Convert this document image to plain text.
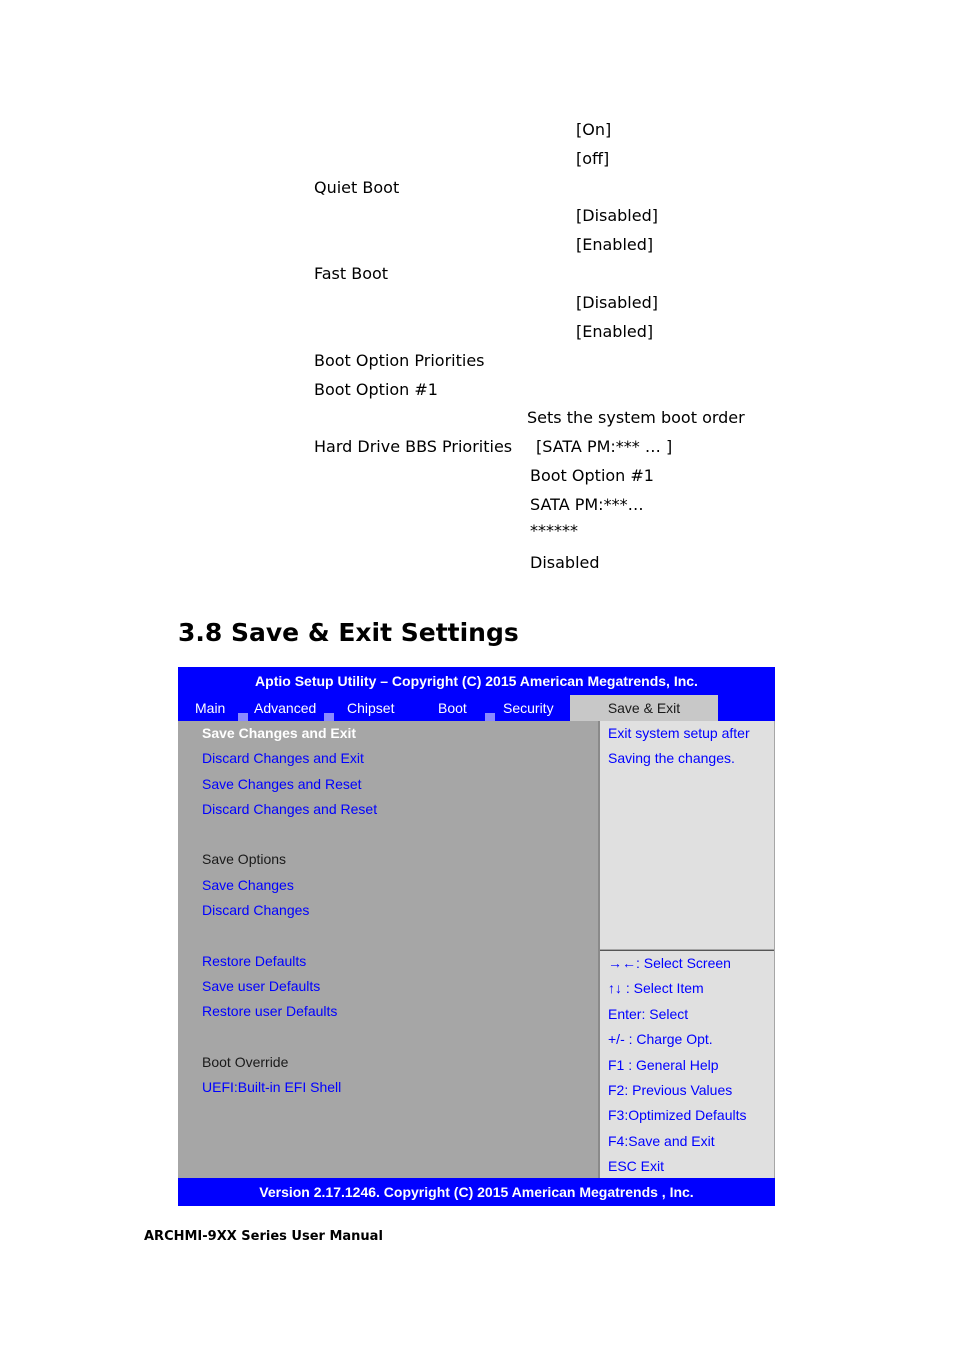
[On]
[off]
Quiet Boot
[Disabled]
[Enabled]
Fast Boot
[Disabled]
[Enabled]
Boot Option Priorities
Boot Option #1
Sets the system boot order
Hard Drive BBS Priorities [SATA PM:*** … ]
Boot Option #1
SATA PM:***…
******
Disabled
3.8 Save & Exit Settings
Aptio Setup Utility – Copyright (C) 2015 American Megatrends, Inc.
Main Advanced Chipset	Boot	Security	Save & Exit
Save Changes and Exit
Discard Changes and Exit
Save Changes and Reset
Discard Changes and Reset
Save Options
Save Changes
Discard Changes
Restore Defaults
Save user Defaults
Restore user Defaults
Boot Override
UEFI:Built-in EFI Shell
Exit system setup after
Saving the changes.
→←: Select Screen
↑↓ : Select Item
Enter: Select
+/- : Charge Opt.
F1 : General Help
F2: Previous Values
F3:Optimized Defaults
F4:Save and Exit
ESC Exit
Version 2.17.1246. Copyright (C) 2015 American Megatrends , Inc.
ARCHMI-9XX Series User Manual
